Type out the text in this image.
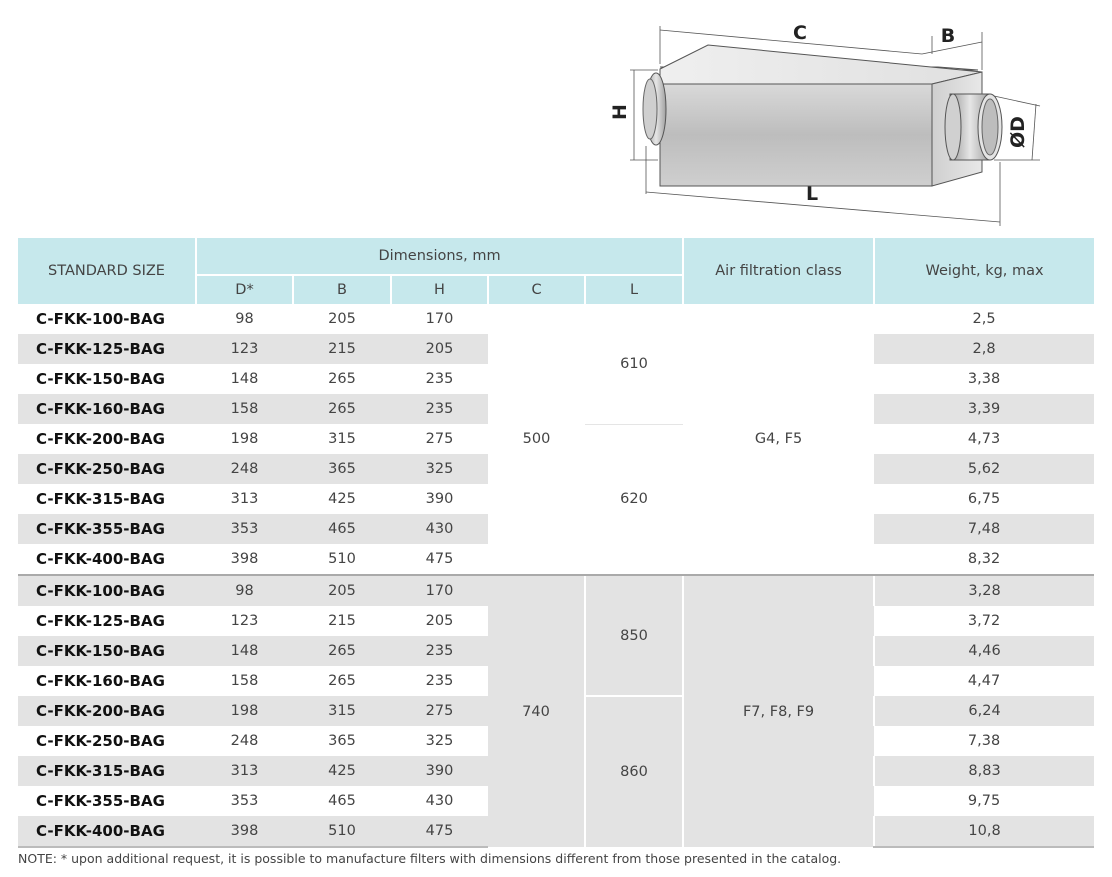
C	B
H
ØD
L
STANDARD SIZE	Dimensions, mm					Air filtration class	Weight, kg, max
	D*	B	H	C	L		
C-FKK-100-BAG	98	205	170	500	610	G4, F5	2,5
C-FKK-125-BAG	123	215	205				2,8
C-FKK-150-BAG	148	265	235				3,38
C-FKK-160-BAG	158	265	235				3,39
C-FKK-200-BAG	198	315	275		620		4,73
C-FKK-250-BAG	248	365	325				5,62
C-FKK-315-BAG	313	425	390				6,75
C-FKK-355-BAG	353	465	430				7,48
C-FKK-400-BAG	398	510	475				8,32
C-FKK-100-BAG	98	205	170	740	850	F7, F8, F9	3,28
C-FKK-125-BAG	123	215	205				3,72
C-FKK-150-BAG	148	265	235				4,46
C-FKK-160-BAG	158	265	235				4,47
C-FKK-200-BAG	198	315	275		860		6,24
C-FKK-250-BAG	248	365	325				7,38
C-FKK-315-BAG	313	425	390				8,83
C-FKK-355-BAG	353	465	430				9,75
C-FKK-400-BAG	398	510	475				10,8
NOTE: * upon additional request, it is possible to manufacture filters with dimensions different from those presented in the catalog.
